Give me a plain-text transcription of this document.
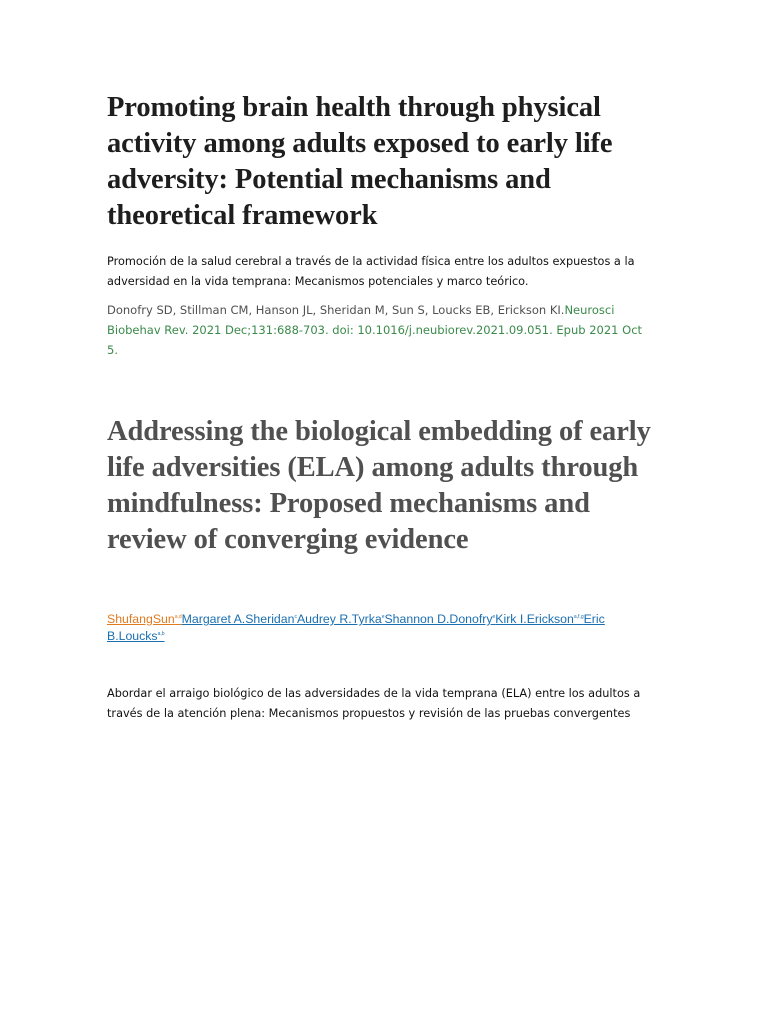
Promoting brain health through physical activity among adults exposed to early life adversity: Potential mechanisms and theoretical framework

Promoción de la salud cerebral a través de la actividad física entre los adultos expuestos a la adversidad en la vida temprana: Mecanismos potenciales y marco teórico.

Donofry SD, Stillman CM, Hanson JL, Sheridan M, Sun S, Loucks EB, Erickson KI.Neurosci Biobehav Rev. 2021 Dec;131:688-703. doi: 10.1016/j.neubiorev.2021.09.051. Epub 2021 Oct 5.

Addressing the biological embedding of early life adversities (ELA) among adults through mindfulness: Proposed mechanisms and review of converging evidence

ShufangSun$^{a,d}$Margaret A.Sheridan$^c$Audrey R.Tyrka$^e$Shannon D.Donofry$^e$Kirk I.Erickson$^{a,f,g}$Eric B.Loucks$^{a,b}$

Abordar el arraigo biológico de las adversidades de la vida temprana (ELA) entre los adultos a través de la atención plena: Mecanismos propuestos y revisión de las pruebas convergentes
